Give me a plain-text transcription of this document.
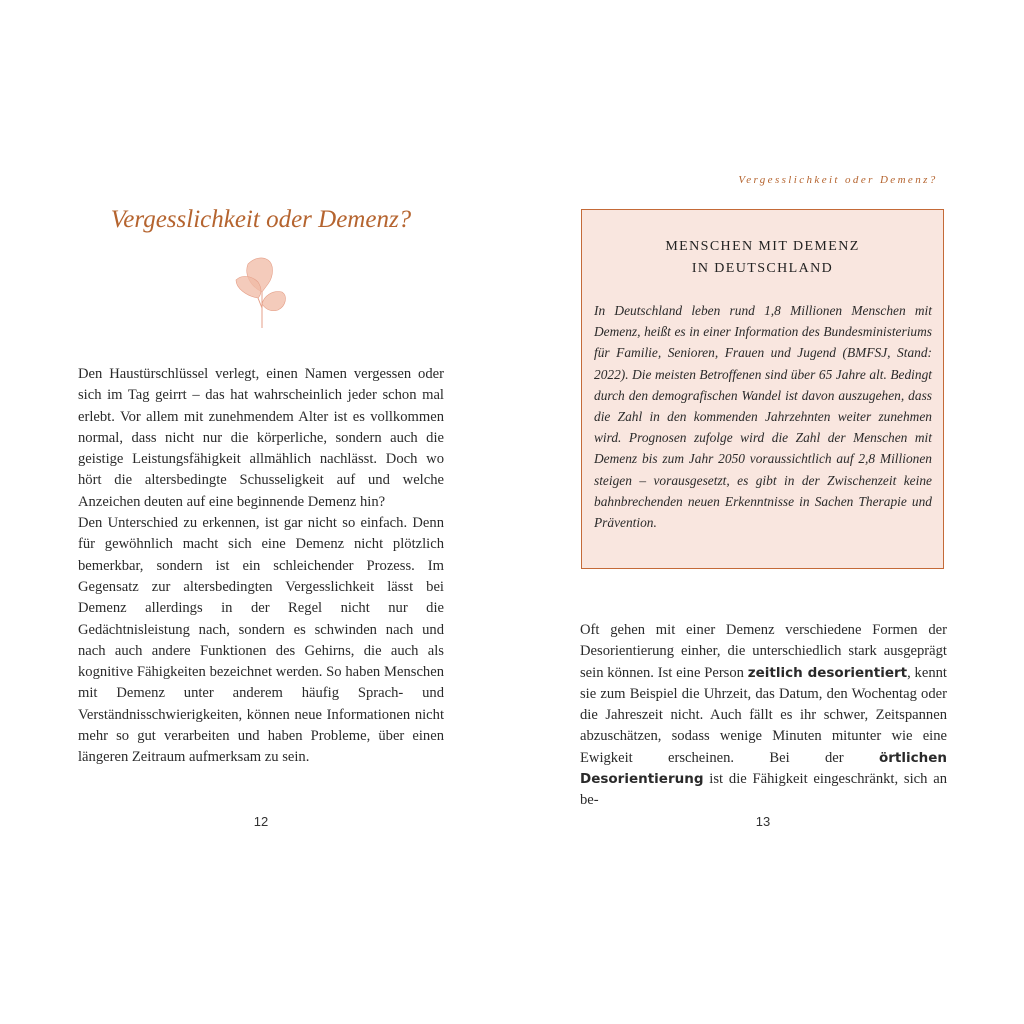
Vergesslichkeit oder Demenz?

Den Haustürschlüssel verlegt, einen Namen vergessen oder sich im Tag geirrt – das hat wahrscheinlich jeder schon mal erlebt. Vor allem mit zunehmendem Alter ist es vollkommen normal, dass nicht nur die körperliche, sondern auch die geistige Leistungsfähigkeit allmählich nachlässt. Doch wo hört die altersbedingte Schusseligkeit auf und welche Anzeichen deuten auf eine beginnende Demenz hin?

Den Unterschied zu erkennen, ist gar nicht so einfach. Denn für gewöhnlich macht sich eine Demenz nicht plötzlich bemerkbar, sondern ist ein schleichender Prozess. Im Gegensatz zur altersbedingten Vergesslichkeit lässt bei Demenz allerdings in der Regel nicht nur die Gedächtnisleistung nach, sondern es schwinden nach und nach auch andere Funktionen des Gehirns, die auch als kognitive Fähigkeiten bezeichnet werden. So haben Menschen mit Demenz unter anderem häufig Sprach- und Verständnisschwierigkeiten, können neue Informationen nicht mehr so gut verarbeiten und haben Probleme, über einen längeren Zeitraum aufmerksam zu sein.

12
Vergesslichkeit oder Demenz?
MENSCHEN MIT DEMENZ
IN DEUTSCHLAND

In Deutschland leben rund 1,8 Millionen Menschen mit Demenz, heißt es in einer Information des Bundesministeriums für Familie, Senioren, Frauen und Jugend (BMFSJ, Stand: 2022). Die meisten Betroffenen sind über 65 Jahre alt. Bedingt durch den demografischen Wandel ist davon auszugehen, dass die Zahl in den kommenden Jahrzehnten weiter zunehmen wird. Prognosen zufolge wird die Zahl der Menschen mit Demenz bis zum Jahr 2050 voraussichtlich auf 2,8 Millionen steigen – vorausgesetzt, es gibt in der Zwischenzeit keine bahnbrechenden neuen Erkenntnisse in Sachen Therapie und Prävention.

Oft gehen mit einer Demenz verschiedene Formen der Desorientierung einher, die unterschiedlich stark ausgeprägt sein können. Ist eine Person zeitlich desorientiert, kennt sie zum Beispiel die Uhrzeit, das Datum, den Wochentag oder die Jahreszeit nicht. Auch fällt es ihr schwer, Zeitspannen abzuschätzen, sodass wenige Minuten mitunter wie eine Ewigkeit erscheinen. Bei der örtlichen Desorientierung ist die Fähigkeit eingeschränkt, sich an be-

13
